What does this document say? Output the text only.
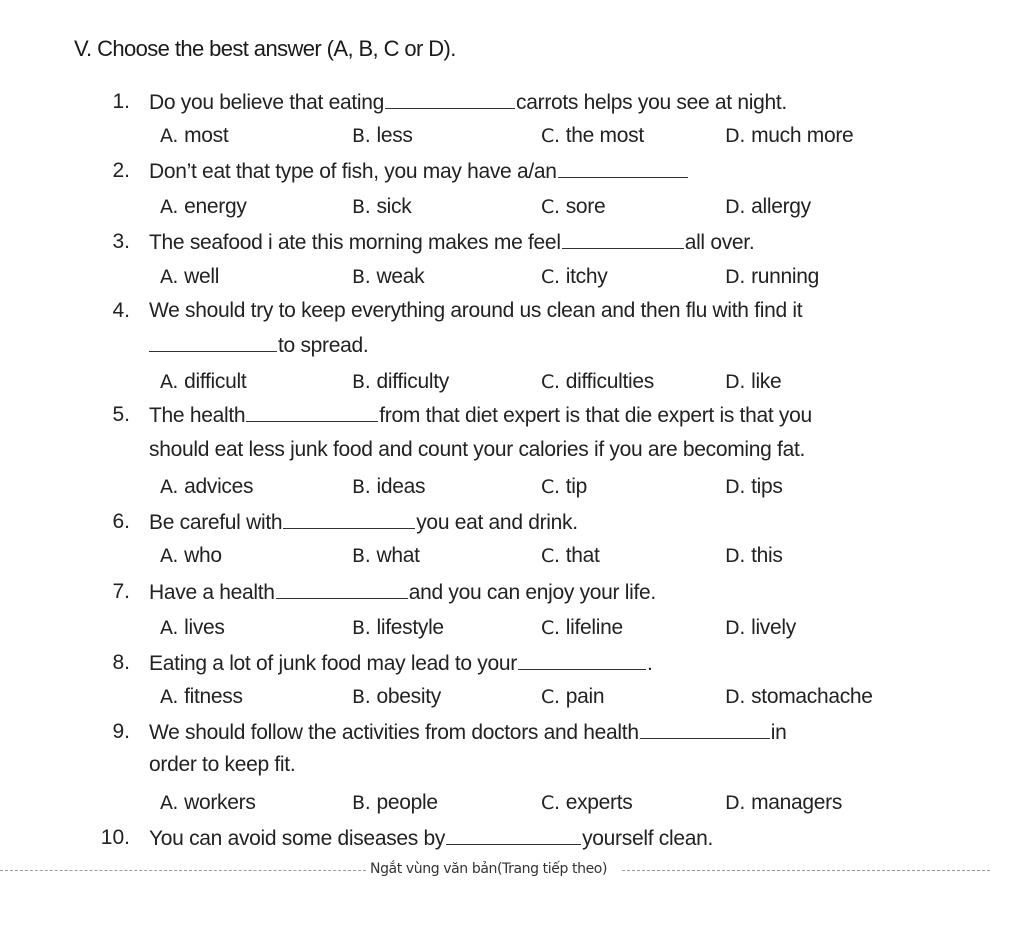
V. Choose the best answer (A, B, C or D).
1. Do you believe that eating	carrots helps you see at night.
A. most	B. less	C. the most	D. much more
2. Don’t eat that type of fish, you may have a/an
A. energy	B. sick	C. sore	D. allergy
3. The seafood i ate this morning makes me feel	all over.
A. well	B. weak	C. itchy	D. running
4. We should try to keep everything around us clean and then flu with find it
to spread.
A. difficult	B. difficulty	C. difficulties	D. like
5. The health	from that diet expert is that die expert is that you
should eat less junk food and count your calories if you are becoming fat.
A. advices	B. ideas	C. tip	D. tips
6. Be careful with	you eat and drink.
A. who	B. what	C. that	D. this
7. Have a health	and you can enjoy your life.
A. lives	B. lifestyle	C. lifeline	D. lively
8. Eating a lot of junk food may lead to your	.
A. fitness	B. obesity	C. pain	D. stomachache
9. We should follow the activities from doctors and health	in
order to keep fit.
A. workers	B. people	C. experts	D. managers
10. You can avoid some diseases by	yourself clean.
Ngắt vùng văn bản(Trang tiếp theo)
